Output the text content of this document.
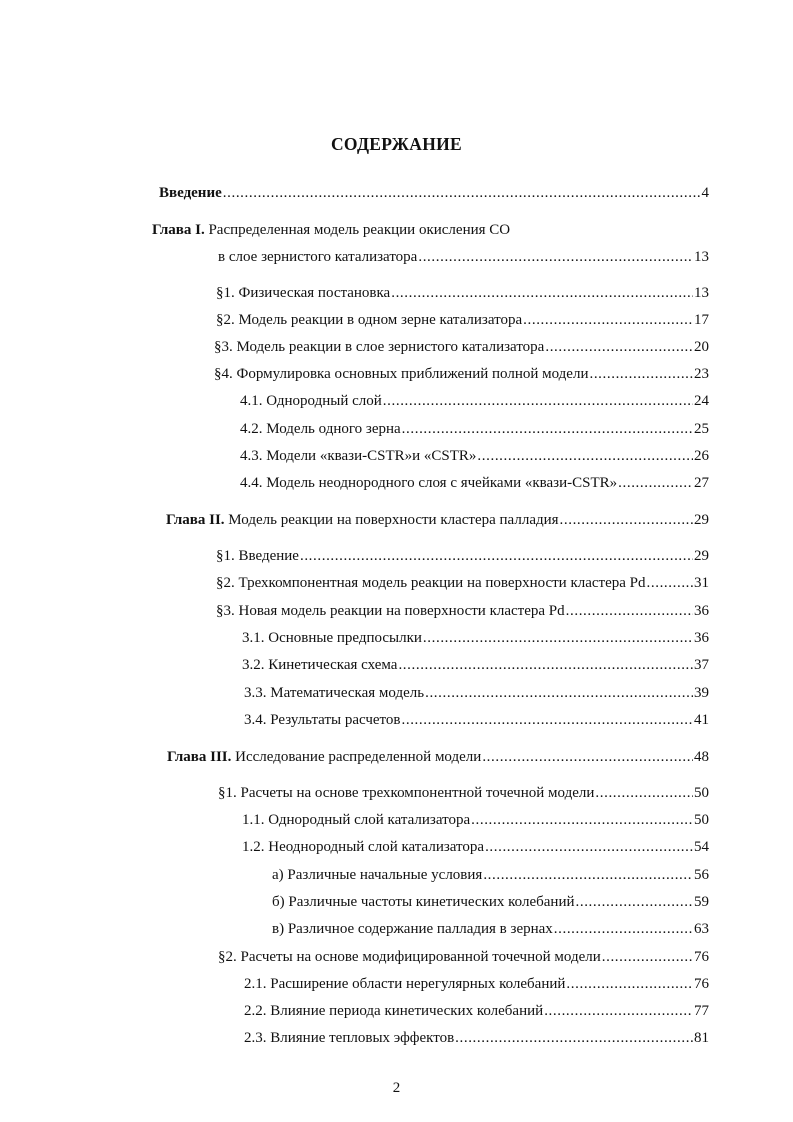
СОДЕРЖАНИЕ
Введение .....	4
Глава I. Распределенная модель реакции окисления СО
в слое зернистого катализатора .....	13
§1. Физическая постановка .....	13
§2. Модель реакции в одном зерне катализатора .....	17
§3. Модель реакции в слое зернистого катализатора .....	20
§4. Формулировка основных приближений полной модели .....	23
4.1. Однородный слой .....	24
4.2. Модель одного зерна .....	25
4.3. Модели «квази-CSTR»и «CSTR» .....	26
4.4. Модель неоднородного слоя с ячейками «квази-CSTR» .....	27
Глава II. Модель реакции на поверхности кластера палладия .....	29
§1. Введение .....	29
§2. Трехкомпонентная модель реакции на поверхности кластера Pd .....	31
§3. Новая модель реакции на поверхности кластера Pd .....	36
3.1. Основные предпосылки .....	36
3.2. Кинетическая схема .....	37
3.3. Математическая модель .....	39
3.4. Результаты расчетов .....	41
Глава III. Исследование распределенной модели .....	48
§1. Расчеты на основе трехкомпонентной точечной модели .....	50
1.1. Однородный слой катализатора .....	50
1.2. Неоднородный слой катализатора .....	54
а) Различные начальные условия .....	56
б) Различные частоты кинетических колебаний .....	59
в) Различное содержание палладия в зернах .....	63
§2. Расчеты на основе модифицированной точечной модели .....	76
2.1. Расширение области нерегулярных колебаний .....	76
2.2. Влияние периода кинетических колебаний .....	77
2.3. Влияние тепловых эффектов .....	81
2
